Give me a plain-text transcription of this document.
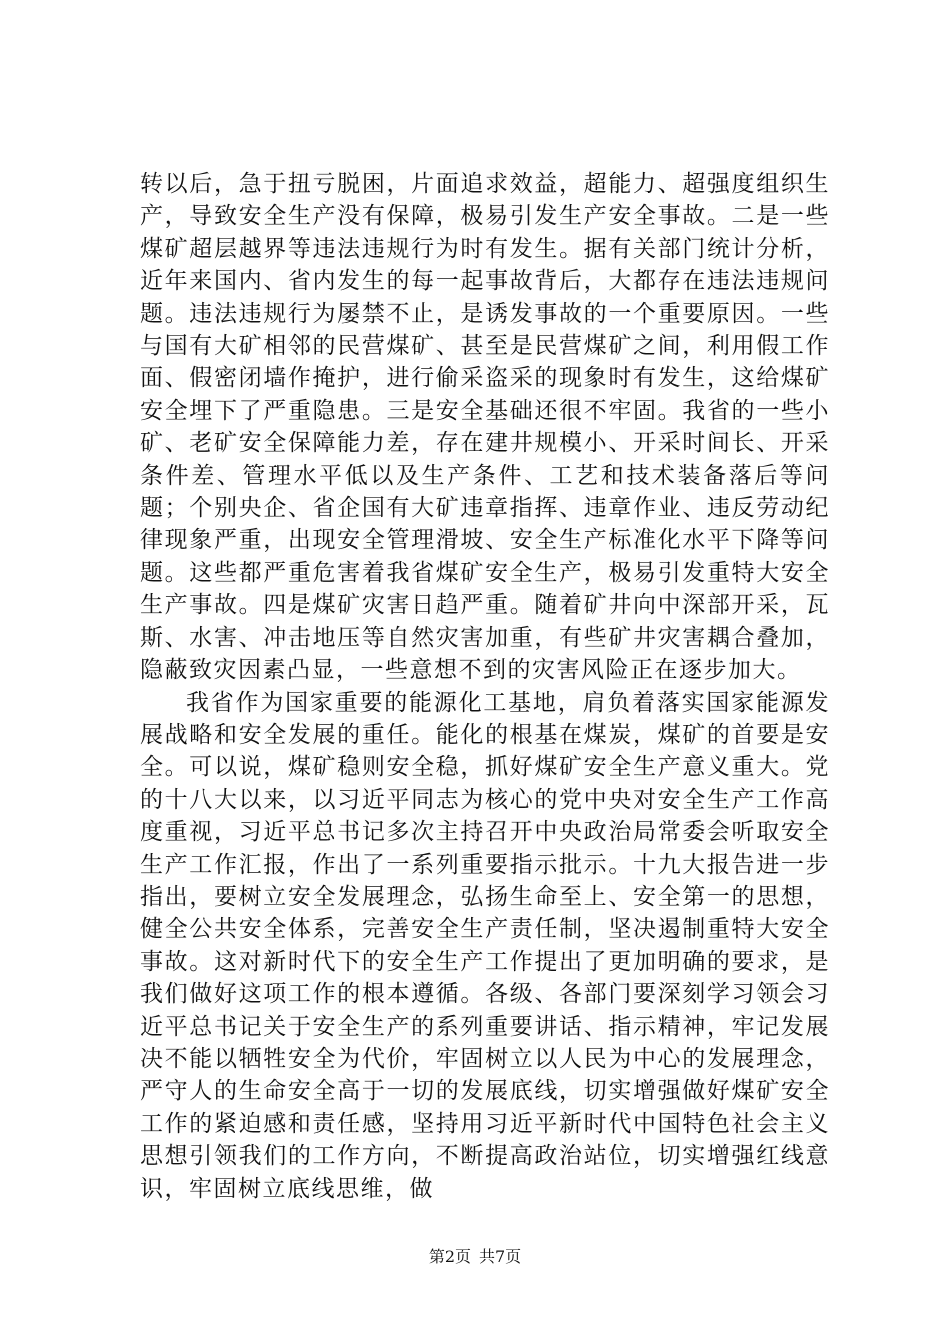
转以后，急于扭亏脱困，片面追求效益，超能力、超强度组织生产，导致安全生产没有保障，极易引发生产安全事故。二是一些煤矿超层越界等违法违规行为时有发生。据有关部门统计分析，近年来国内、省内发生的每一起事故背后，大都存在违法违规问题。违法违规行为屡禁不止，是诱发事故的一个重要原因。一些与国有大矿相邻的民营煤矿、甚至是民营煤矿之间，利用假工作面、假密闭墙作掩护，进行偷采盗采的现象时有发生，这给煤矿安全埋下了严重隐患。三是安全基础还很不牢固。我省的一些小矿、老矿安全保障能力差，存在建井规模小、开采时间长、开采条件差、管理水平低以及生产条件、工艺和技术装备落后等问题；个别央企、省企国有大矿违章指挥、违章作业、违反劳动纪律现象严重，出现安全管理滑坡、安全生产标准化水平下降等问题。这些都严重危害着我省煤矿安全生产，极易引发重特大安全生产事故。四是煤矿灾害日趋严重。随着矿井向中深部开采，瓦斯、水害、冲击地压等自然灾害加重，有些矿井灾害耦合叠加，隐蔽致灾因素凸显，一些意想不到的灾害风险正在逐步加大。

我省作为国家重要的能源化工基地，肩负着落实国家能源发展战略和安全发展的重任。能化的根基在煤炭，煤矿的首要是安全。可以说，煤矿稳则安全稳，抓好煤矿安全生产意义重大。党的十八大以来，以习近平同志为核心的党中央对安全生产工作高度重视，习近平总书记多次主持召开中央政治局常委会听取安全生产工作汇报，作出了一系列重要指示批示。十九大报告进一步指出，要树立安全发展理念，弘扬生命至上、安全第一的思想，健全公共安全体系，完善安全生产责任制，坚决遏制重特大安全事故。这对新时代下的安全生产工作提出了更加明确的要求，是我们做好这项工作的根本遵循。各级、各部门要深刻学习领会习近平总书记关于安全生产的系列重要讲话、指示精神，牢记发展决不能以牺牲安全为代价，牢固树立以人民为中心的发展理念，严守人的生命安全高于一切的发展底线，切实增强做好煤矿安全工作的紧迫感和责任感，坚持用习近平新时代中国特色社会主义思想引领我们的工作方向，不断提高政治站位，切实增强红线意识，牢固树立底线思维，做

第2页 共7页
